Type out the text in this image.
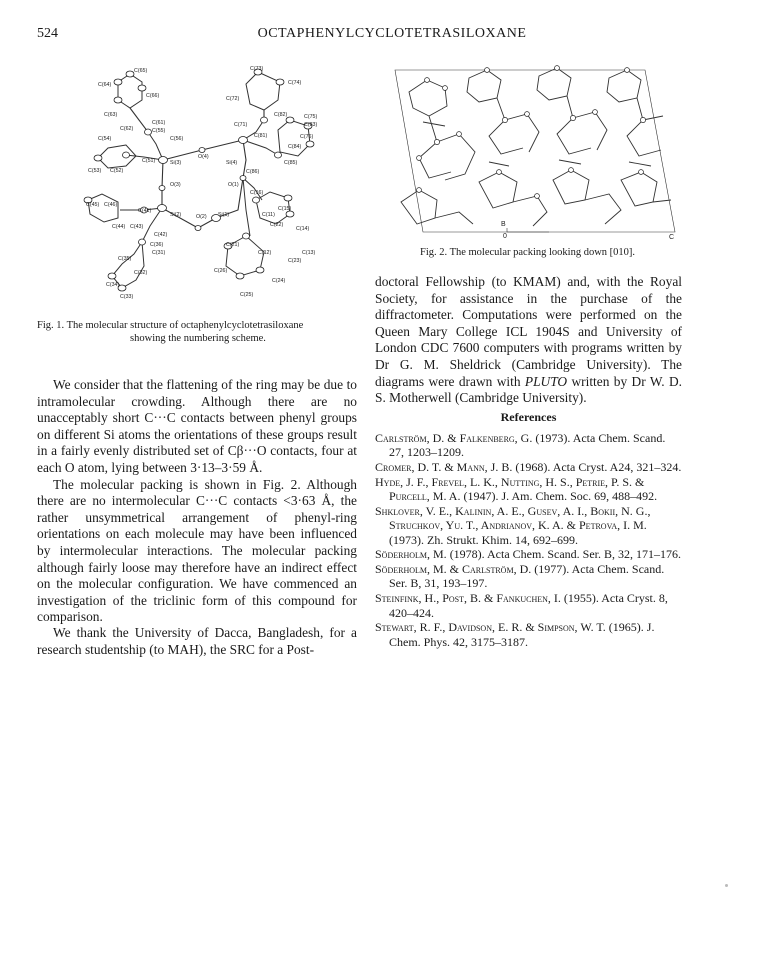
524	OCTAPHENYLCYCLOTETRASILOXANE
C(65)
C(64)
C(66)
C(63)
C(61)
C(62)	C(55)
C(56)
C(54)
C(51)	Si(3)
C(53) C(52)
O(4)
C(73)
C(74)
C(72)
C(75)
C(82)
C(71)	C(83)
C(81)	C(76)
C(84)
Si(4)	C(85)
C(86)
O(3)	O(1)
C(45) C(46)
C(41)
C(44) C(43)
Si(2)	O(2) Si(1)
C(16)
C(15)
C(11)
C(22)
C(14)
C(42)
C(36)
C(31)
C(35)
C(21)
C(12)	C(13)
C(23)
C(32)	C(26)
C(24)
C(34)
C(33)	C(25)
Fig. 1. The molecular structure of octaphenylcyclotetrasiloxane
showing the numbering scheme.
B
0	C
Fig. 2. The molecular packing looking down [010].

We consider that the flattening of the ring may be due to intramolecular crowding. Although there are no unacceptably short C···C contacts between phenyl groups on different Si atoms the orientations of these groups result in a fairly evenly distributed set of Cβ···O contacts, four at each O atom, lying between 3·13–3·59 Å.

The molecular packing is shown in Fig. 2. Although there are no intermolecular C···C contacts <3·63 Å, the rather unsymmetrical arrangement of phenyl-ring orientations on each molecule may have been influenced by intermolecular interactions. The molecular packing although fairly loose may therefore have an indirect effect on the molecular configuration. We have commenced an investigation of the triclinic form of this compound for comparison.

We thank the University of Dacca, Bangladesh, for a research studentship (to MAH), the SRC for a Post-

doctoral Fellowship (to KMAM) and, with the Royal Society, for assistance in the purchase of the diffractometer. Computations were performed on the Queen Mary College ICL 1904S and University of London CDC 7600 computers with programs written by Dr G. M. Sheldrick (Cambridge University). The diagrams were drawn with PLUTO written by Dr W. D. S. Motherwell (Cambridge University).

References
Carlström, D. & Falkenberg, G. (1973). Acta Chem. Scand. 27, 1203–1209.
Cromer, D. T. & Mann, J. B. (1968). Acta Cryst. A24, 321–324.
Hyde, J. F., Frevel, L. K., Nutting, H. S., Petrie, P. S. & Purcell, M. A. (1947). J. Am. Chem. Soc. 69, 488–492.
Shklover, V. E., Kalinin, A. E., Gusev, A. I., Bokii, N. G., Struchkov, Yu. T., Andrianov, K. A. & Petrova, I. M. (1973). Zh. Strukt. Khim. 14, 692–699.
Söderholm, M. (1978). Acta Chem. Scand. Ser. B, 32, 171–176.
Söderholm, M. & Carlström, D. (1977). Acta Chem. Scand. Ser. B, 31, 193–197.
Steinfink, H., Post, B. & Fankuchen, I. (1955). Acta Cryst. 8, 420–424.
Stewart, R. F., Davidson, E. R. & Simpson, W. T. (1965). J. Chem. Phys. 42, 3175–3187.
